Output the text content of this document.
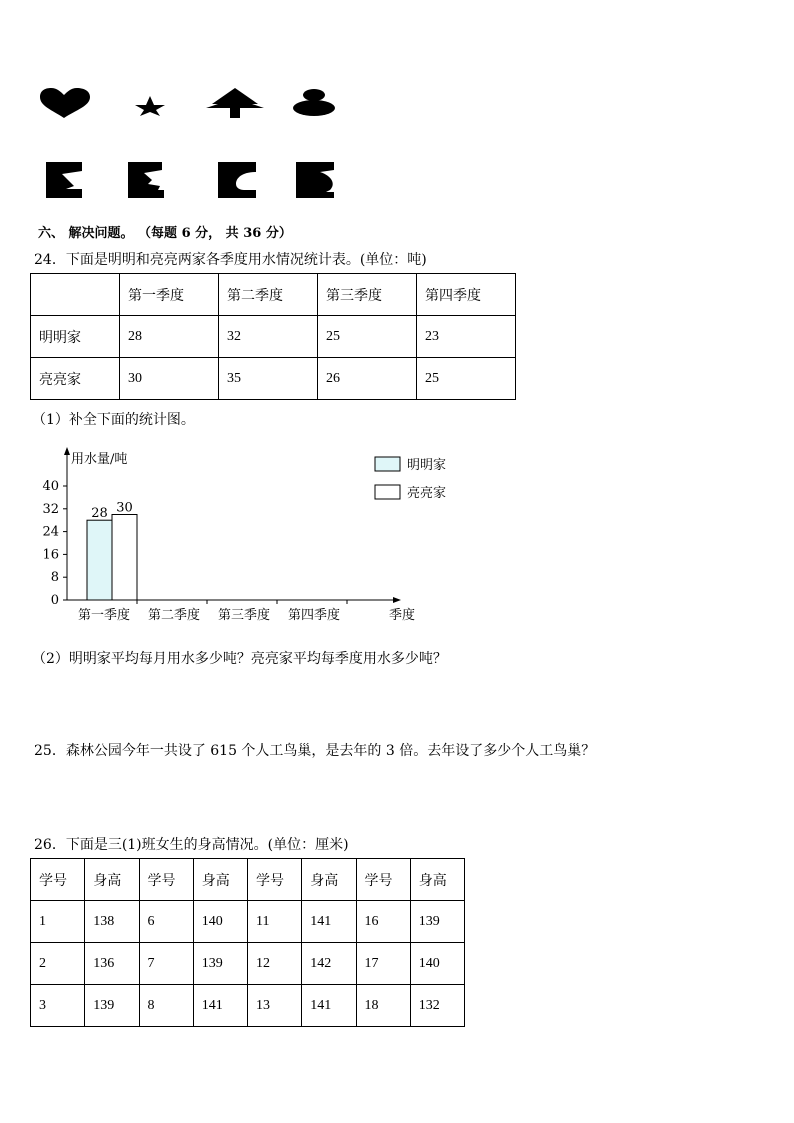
六、 解决问题。 （每题 6 分， 共 36 分）
24．下面是明明和亮亮两家各季度用水情况统计表。(单位：吨)
	第一季度	第二季度	第三季度	第四季度
明明家	28	32	25	23
亮亮家	30	35	26	25
（1）补全下面的统计图。
用水量/吨
季度
0
8
16
24
32
40
第一季度 第二季度 第三季度 第四季度
28 30
明明家
亮亮家
（2）明明家平均每月用水多少吨？亮亮家平均每季度用水多少吨？
25．森林公园今年一共设了 615 个人工鸟巢，是去年的 3 倍。去年设了多少个人工鸟巢？
26．下面是三(1)班女生的身高情况。(单位：厘米)
学号	身高	学号	身高	学号	身高	学号	身高
1	138	6	140	11	141	16	139
2	136	7	139	12	142	17	140
3	139	8	141	13	141	18	132
